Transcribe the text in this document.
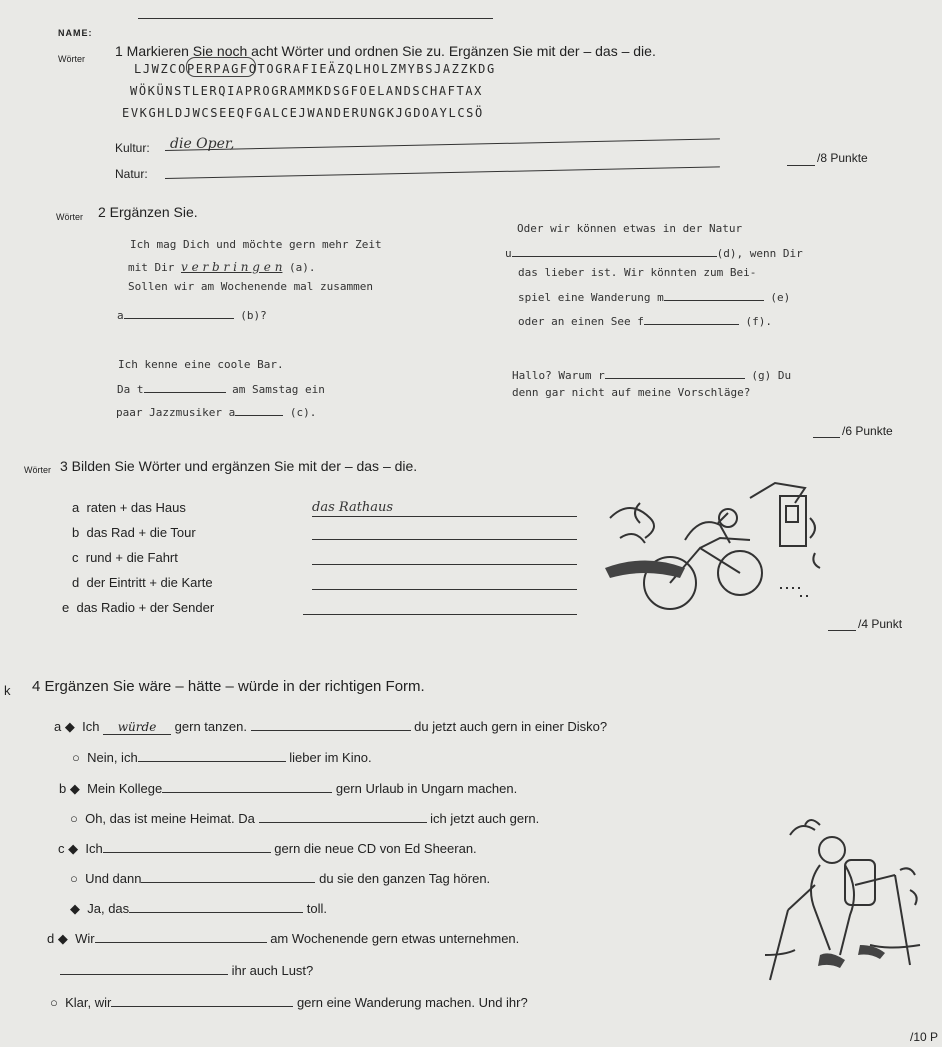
NAME:
Wörter 1 Markieren Sie noch acht Wörter und ordnen Sie zu. Ergänzen Sie mit der – das – die.
LJWZCOPERPAGFOTOGRAFIEÄZQLHOLZMYBSJAZZKDG
WÖKÜNSTLERQIAPROGRAMMKDSGFOELANDSCHAFTAX
EVKGHLDJWCSEEQFGALCEJWANDERUNGKJGDOAYLCSÖ
Kultur: die Oper,
Natur:
/8 Punkte
Wörter 2 Ergänzen Sie.
Ich mag Dich und möchte gern mehr Zeit
mit Dir v e r b r i n g e n (a).
Sollen wir am Wochenende mal zusammen
a	(b)?
Ich kenne eine coole Bar.
Da t	am Samstag ein
paar Jazzmusiker a	(c).
Oder wir können etwas in der Natur
u	(d), wenn Dir
das lieber ist. Wir könnten zum Bei-
spiel eine Wanderung m	(e)
oder an einen See f	(f).
Hallo? Warum r	(g) Du
denn gar nicht auf meine Vorschläge?
/6 Punkte
Wörter 3 Bilden Sie Wörter und ergänzen Sie mit der – das – die.
a raten + das Haus	das Rathaus
b das Rad + die Tour
c rund + die Fahrt
d der Eintritt + die Karte
e das Radio + der Sender
/4 Punkt
k 4 Ergänzen Sie wäre – hätte – würde in der richtigen Form.
a ◆ Ich würde gern tanzen.	du jetzt auch gern in einer Disko?
○ Nein, ich	lieber im Kino.
b ◆ Mein Kollege	gern Urlaub in Ungarn machen.
○ Oh, das ist meine Heimat. Da	ich jetzt auch gern.
c ◆ Ich	gern die neue CD von Ed Sheeran.
○ Und dann	du sie den ganzen Tag hören.
◆ Ja, das	toll.
d ◆ Wir	am Wochenende gern etwas unternehmen.
ihr auch Lust?
○ Klar, wir	gern eine Wanderung machen. Und ihr?
/10 P
